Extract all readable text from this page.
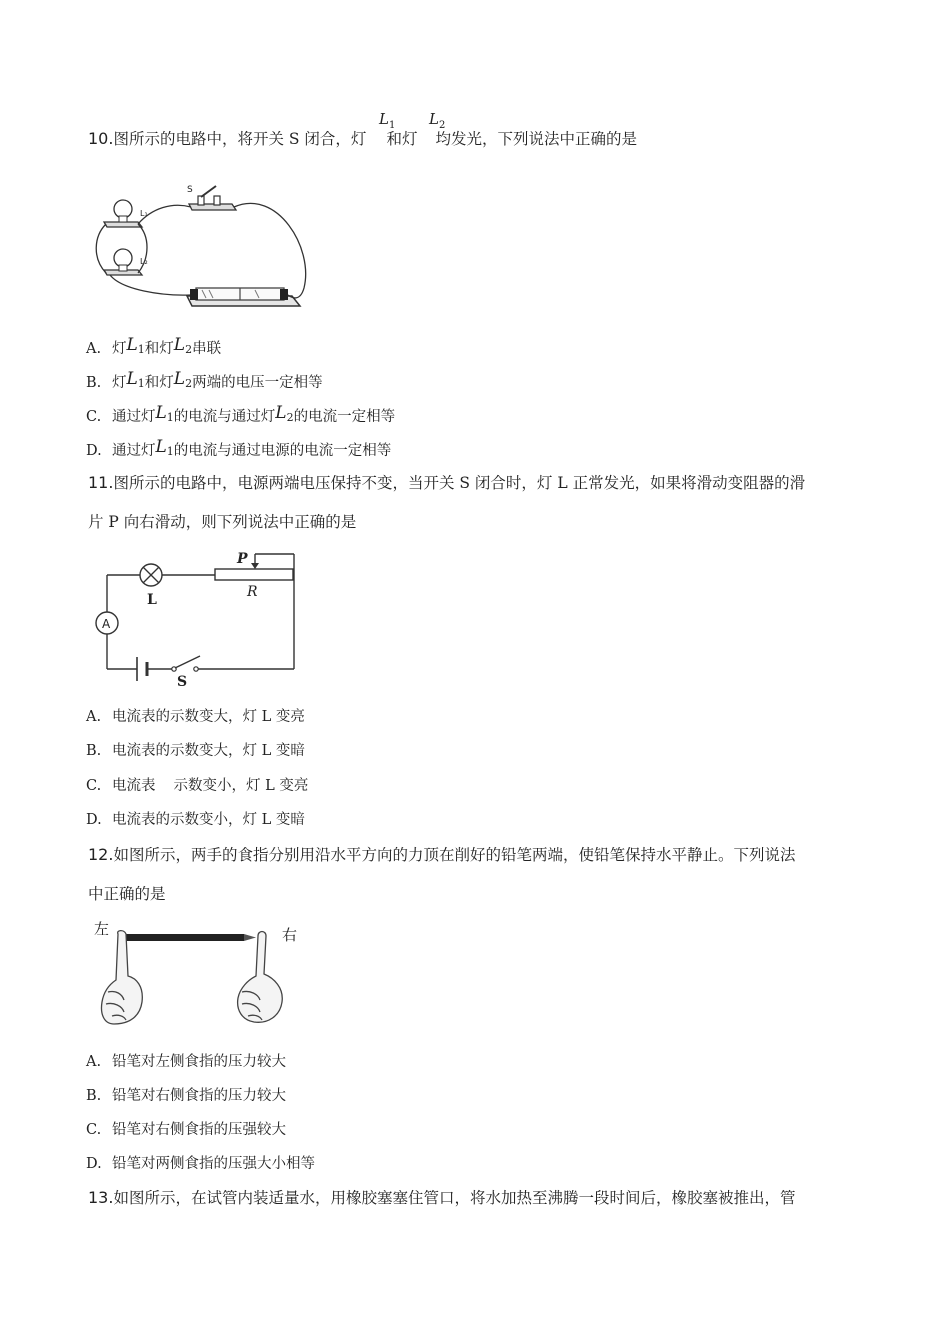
10.图所示的电路中，将开关 S 闭合，灯 和灯 均发光，下列说法中正确的是
$L_1$ $L_2$
S
L₁
L₂
A. 灯L1和灯L2串联
B. 灯L1和灯L2两端的电压一定相等
C. 通过灯L1的电流与通过灯L2的电流一定相等
D. 通过灯L1的电流与通过电源的电流一定相等
11.图所示的电路中，电源两端电压保持不变，当开关 S 闭合时，灯 L 正常发光，如果将滑动变阻器的滑
片 P 向右滑动，则下列说法中正确的是
L
P
R
A
S
A. 电流表的示数变大，灯 L 变亮
B. 电流表的示数变大，灯 L 变暗
C. 电流表 示数变小，灯 L 变亮
D. 电流表的示数变小，灯 L 变暗
12.如图所示，两手的食指分别用沿水平方向的力顶在削好的铅笔两端，使铅笔保持水平静止。下列说法
中正确的是
左	右
A. 铅笔对左侧食指的压力较大
B. 铅笔对右侧食指的压力较大
C. 铅笔对右侧食指的压强较大
D. 铅笔对两侧食指的压强大小相等
13.如图所示，在试管内装适量水，用橡胶塞塞住管口，将水加热至沸腾一段时间后，橡胶塞被推出，管
